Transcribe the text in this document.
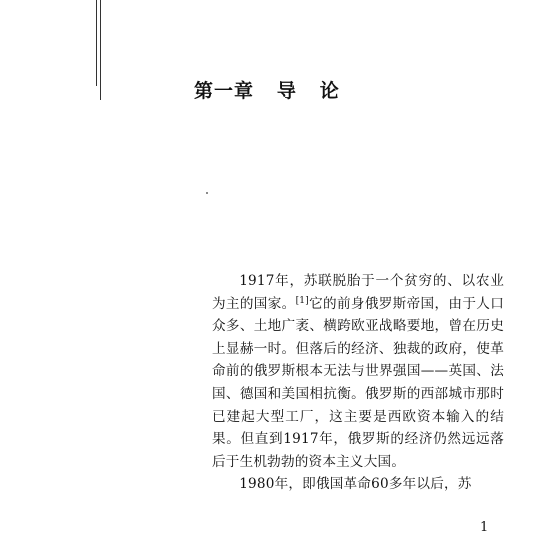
第一章   导   论

1917年，苏联脱胎于一个贫穷的、以农业为主的国家。[1]它的前身俄罗斯帝国，由于人口众多、土地广袤、横跨欧亚战略要地，曾在历史上显赫一时。但落后的经济、独裁的政府，使革命前的俄罗斯根本无法与世界强国——英国、法国、德国和美国相抗衡。俄罗斯的西部城市那时已建起大型工厂，这主要是西欧资本输入的结果。但直到1917年，俄罗斯的经济仍然远远落后于生机勃勃的资本主义大国。

1980年，即俄国革命60多年以后，苏

1
